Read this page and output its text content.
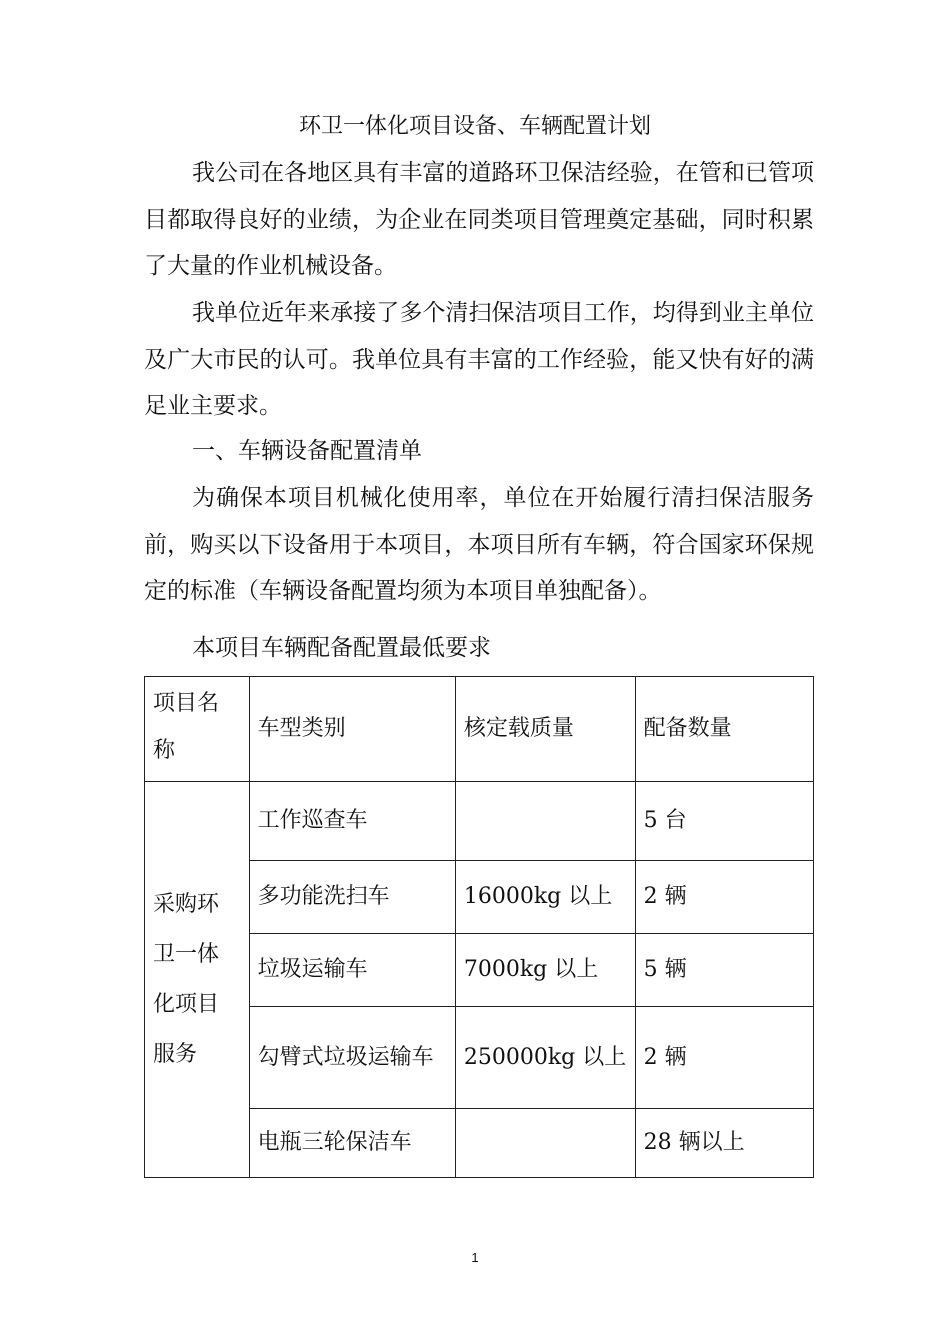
环卫一体化项目设备、车辆配置计划

我公司在各地区具有丰富的道路环卫保洁经验，在管和已管项目都取得良好的业绩，为企业在同类项目管理奠定基础，同时积累了大量的作业机械设备。

我单位近年来承接了多个清扫保洁项目工作，均得到业主单位及广大市民的认可。我单位具有丰富的工作经验，能又快有好的满足业主要求。

一、车辆设备配置清单

为确保本项目机械化使用率，单位在开始履行清扫保洁服务前，购买以下设备用于本项目，本项目所有车辆，符合国家环保规定的标准（车辆设备配置均须为本项目单独配备）。

本项目车辆配备配置最低要求

项目名称	车型类别	核定载质量	配备数量
采购环卫一体化项目服务	工作巡查车		5 台
	多功能洗扫车	16000kg 以上	2 辆
	垃圾运输车	7000kg 以上	5 辆
	勾臂式垃圾运输车	250000kg 以上	2 辆
	电瓶三轮保洁车		28 辆以上
1
